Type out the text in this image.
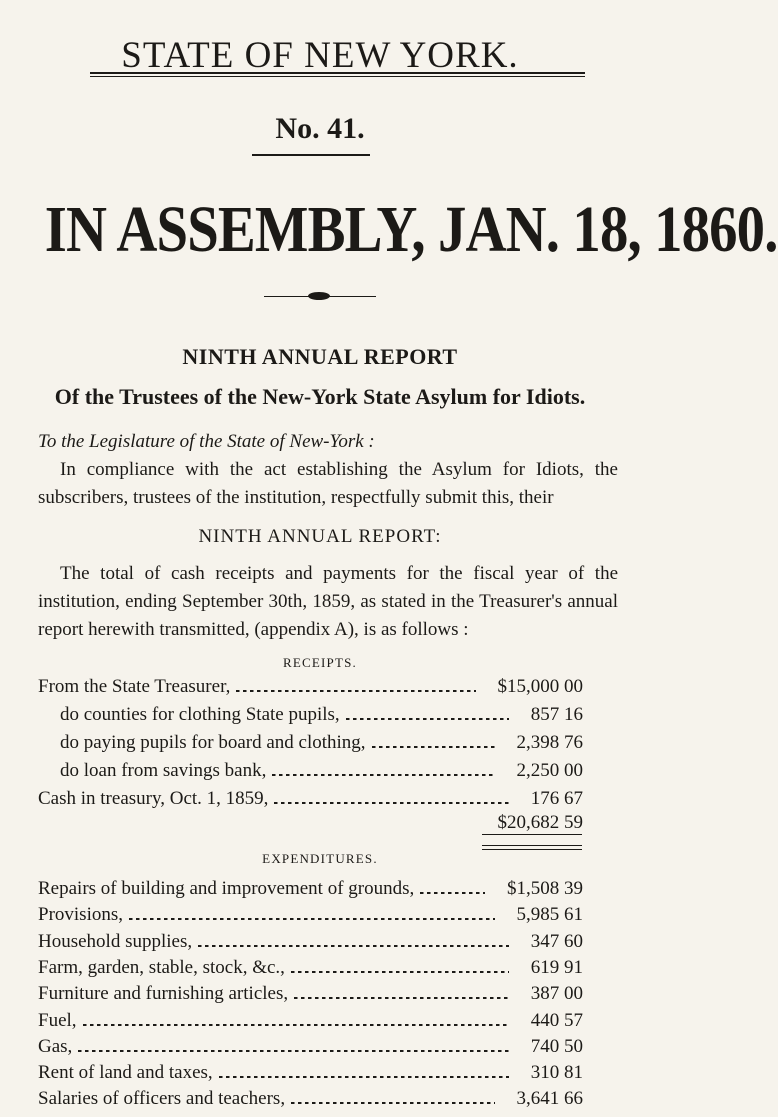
STATE OF NEW YORK.
No. 41.
IN ASSEMBLY, JAN. 18, 1860.
NINTH ANNUAL REPORT
Of the Trustees of the New-York State Asylum for Idiots.
To the Legislature of the State of New-York :
In compliance with the act establishing the Asylum for Idiots, the subscribers, trustees of the institution, respectfully submit this, their
NINTH ANNUAL REPORT:
The total of cash receipts and payments for the fiscal year of the institution, ending September 30th, 1859, as stated in the Treasurer's annual report herewith transmitted, (appendix A), is as follows :
RECEIPTS.
From the State Treasurer,	$15,000 00
do counties for clothing State pupils,	857 16
do paying pupils for board and clothing,	2,398 76
do loan from savings bank,	2,250 00
Cash in treasury, Oct. 1, 1859,	176 67
$20,682 59
EXPENDITURES.
Repairs of building and improvement of grounds,	$1,508 39
Provisions,	5,985 61
Household supplies,	347 60
Farm, garden, stable, stock, &c.,	619 91
Furniture and furnishing articles,	387 00
Fuel,	440 57
Gas,	740 50
Rent of land and taxes,	310 81
Salaries of officers and teachers,	3,641 66
